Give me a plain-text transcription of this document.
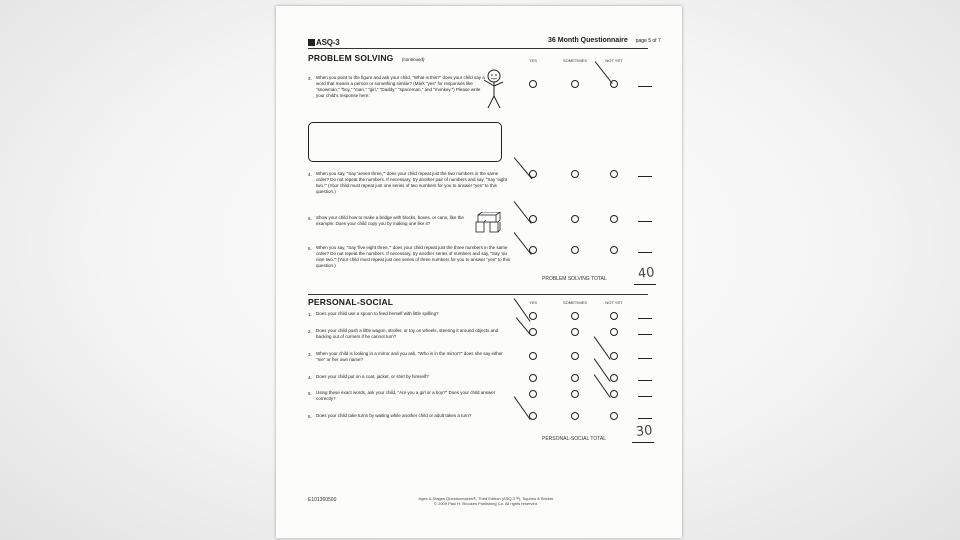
ASQ-3	36 Month Questionnaire page 5 of 7
PROBLEM SOLVING (continued)	YES	SOMETIMES	NOT YET
3. When you point to the figure and ask your child, "What is this?" does your child say a word that means a person or something similar? (Mark "yes" for responses like "snowman," "boy," "man," "girl," "Daddy," "spaceman," and "monkey.") Please write your child's response here:
4. When you say, "Say 'seven three,'" does your child repeat just the two numbers in the same order? Do not repeat the numbers. If necessary, try another pair of numbers and say, "Say 'eight two.'" (Your child must repeat just one series of two numbers for you to answer "yes" to this question.)
5. Show your child how to make a bridge with blocks, boxes, or cans, like the example. Does your child copy you by making one like it?
6. When you say, "Say 'five eight three,'" does your child repeat just the three numbers in the same order? Do not repeat the numbers. If necessary, try another series of numbers and say, "Say 'six nine two.'" (Your child must repeat just one series of three numbers for you to answer "yes" to this question.)
PROBLEM SOLVING TOTAL 40
PERSONAL-SOCIAL	YES	SOMETIMES	NOT YET
1. Does your child use a spoon to feed herself with little spilling?
2. Does your child push a little wagon, stroller, or toy on wheels, steering it around objects and backing out of corners if he cannot turn?
3. When your child is looking in a mirror and you ask, "Who is in the mirror?" does she say either "me" or her own name?
4. Does your child put on a coat, jacket, or shirt by himself?
5. Using these exact words, ask your child, "Are you a girl or a boy?" Does your child answer correctly?
6. Does your child take turns by waiting while another child or adult takes a turn?
PERSONAL-SOCIAL TOTAL 30
E101360500	Ages & Stages Questionnaires®, Third Edition (ASQ-3™), Squires & Bricker
© 2009 Paul H. Brookes Publishing Co. All rights reserved.
